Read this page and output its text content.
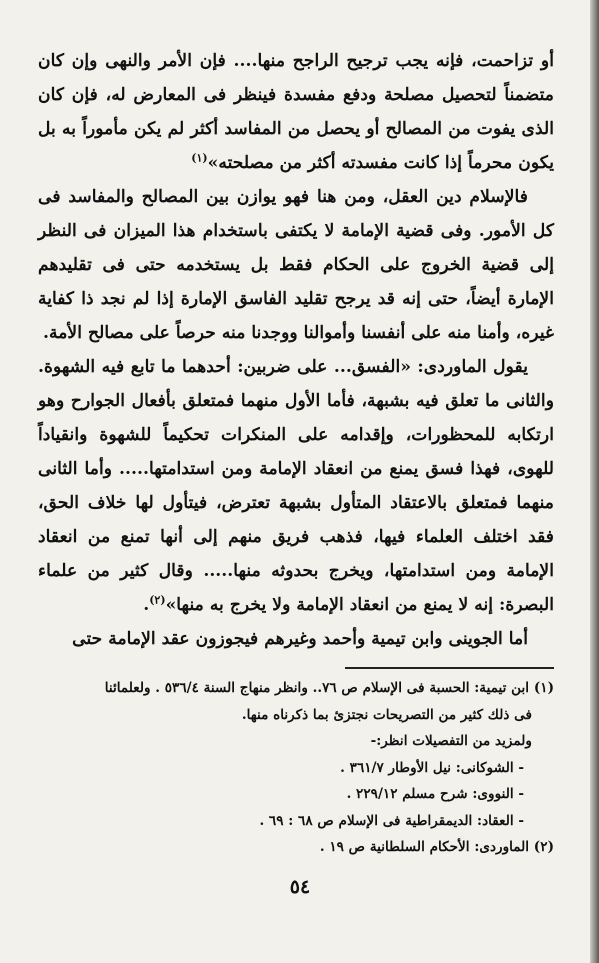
أو تزاحمت، فإنه يجب ترجيح الراجح منها.... فإن الأمر والنهى وإن كان متضمناً لتحصيل مصلحة ودفع مفسدة فينظر فى المعارض له، فإن كان الذى يفوت من المصالح أو يحصل من المفاسد أكثر لم يكن مأموراً به بل يكون محرماً إذا كانت مفسدته أكثر من مصلحته»$^{(١)}$

فالإسلام دين العقل، ومن هنا فهو يوازن بين المصالح والمفاسد فى كل الأمور. وفى قضية الإمامة لا يكتفى باستخدام هذا الميزان فى النظر إلى قضية الخروج على الحكام فقط بل يستخدمه حتى فى تقليدهم الإمارة أيضاً، حتى إنه قد يرجح تقليد الفاسق الإمارة إذا لم نجد ذا كفاية غيره، وأمنا منه على أنفسنا وأموالنا ووجدنا منه حرصاً على مصالح الأمة.

يقول الماوردى: «الفسق... على ضربين: أحدهما ما تابع فيه الشهوة. والثانى ما تعلق فيه بشبهة، فأما الأول منهما فمتعلق بأفعال الجوارح وهو ارتكابه للمحظورات، وإقدامه على المنكرات تحكيماً للشهوة وانقياداً للهوى، فهذا فسق يمنع من انعقاد الإمامة ومن استدامتها..... وأما الثانى منهما فمتعلق بالاعتقاد المتأول بشبهة تعترض، فيتأول لها خلاف الحق، فقد اختلف العلماء فيها، فذهب فريق منهم إلى أنها تمنع من انعقاد الإمامة ومن استدامتها، ويخرج بحدوثه منها..... وقال كثير من علماء البصرة: إنه لا يمنع من انعقاد الإمامة ولا يخرج به منها»$^{(٢)}$.

أما الجوينى وابن تيمية وأحمد وغيرهم فيجوزون عقد الإمامة حتى

(١) ابن تيمية: الحسبة فى الإسلام ص ٧٦.. وانظر منهاج السنة ٥٣٦/٤ . ولعلمائنا

فى ذلك كثير من التصريحات نجتزئ بما ذكرناه منها.

ولمزيد من التفصيلات انظر:-

- الشوكانى: نيل الأوطار ٣٦١/٧ .

- النووى: شرح مسلم ٢٢٩/١٢ .

- العقاد: الديمقراطية فى الإسلام ص ٦٨ : ٦٩ .

(٢) الماوردى: الأحكام السلطانية ص ١٩ .

٥٤
